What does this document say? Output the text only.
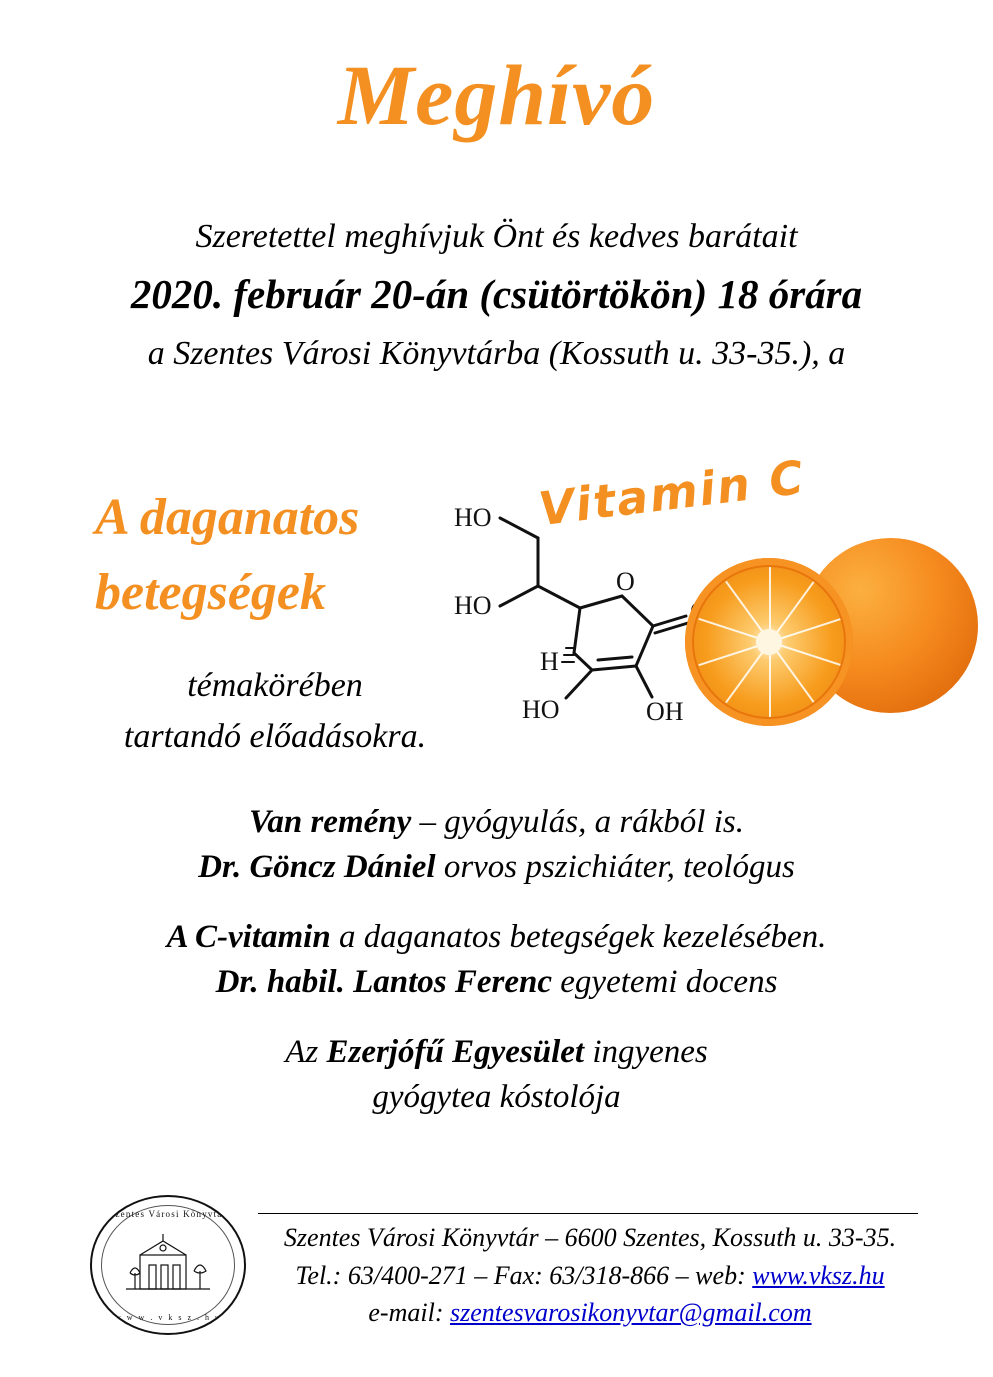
Meghívó
Szeretettel meghívjuk Önt és kedves barátait
2020. február 20-án (csütörtökön) 18 órára
a Szentes Városi Könyvtárba (Kossuth u. 33-35.), a
A daganatos
betegségek
témakörében
tartandó előadásokra.
Vitamin C
HO
HO
H
O
HO	OH
Van remény – gyógyulás, a rákból is.
Dr. Göncz Dániel orvos pszichiáter, teológus
A C-vitamin a daganatos betegségek kezelésében.
Dr. habil. Lantos Ferenc egyetemi docens
Az Ezerjófű Egyesület ingyenes
gyógytea kóstolója
Szentes Városi Könyvtár
w w w . v k s z . h u
Szentes Városi Könyvtár – 6600 Szentes, Kossuth u. 33-35.
Tel.: 63/400-271 – Fax: 63/318-866 – web: www.vksz.hu
e-mail: szentesvarosikonyvtar@gmail.com
